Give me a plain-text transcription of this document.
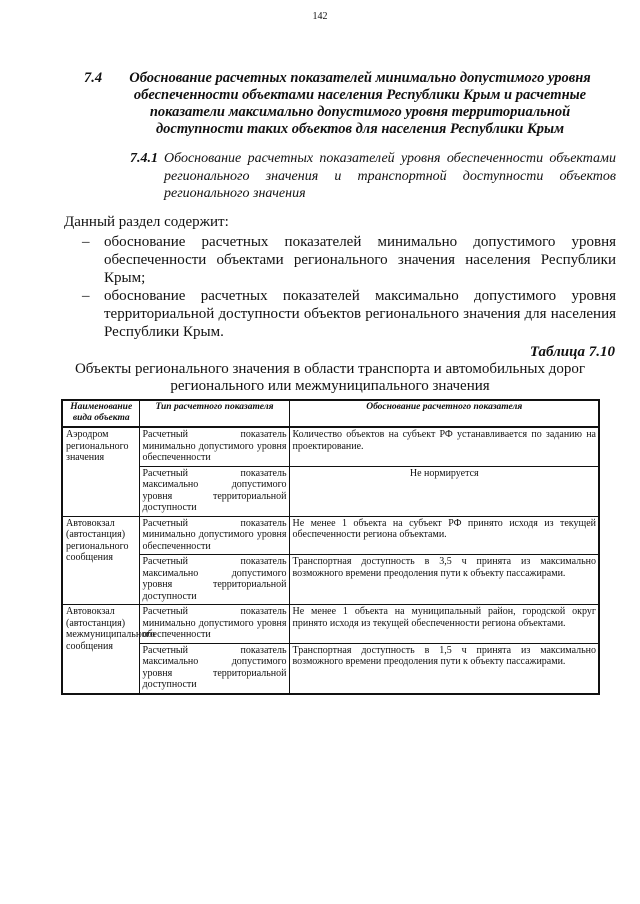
142
7.4	Обоснование расчетных показателей минимально допустимого уровня обеспеченности объектами населения Республики Крым и расчетные показатели максимально допустимого уровня территориальной доступности таких объектов для населения Республики Крым
7.4.1 Обоснование расчетных показателей уровня обеспеченности объектами регионального значения и транспортной доступности объектов регионального значения
Данный раздел содержит:
– обоснование расчетных показателей минимально допустимого уровня обеспеченности объектами регионального значения населения Республики Крым;
– обоснование расчетных показателей максимально допустимого уровня территориальной доступности объектов регионального значения для населения Республики Крым.
Таблица 7.10
Объекты регионального значения в области транспорта и автомобильных дорог регионального или межмуниципального значения
Наименование вида объекта	Тип расчетного показателя	Обоснование расчетного показателя
Аэродром регионального значения	Расчетный показатель минимально допустимого уровня обеспеченности	Количество объектов на субъект РФ устанавливается по заданию на проектирование.
	Расчетный показатель максимально допустимого уровня территориальной доступности	Не нормируется
Автовокзал (автостанция) регионального сообщения	Расчетный показатель минимально допустимого уровня обеспеченности	Не менее 1 объекта на субъект РФ принято исходя из текущей обеспеченности региона объектами.
	Расчетный показатель максимально допустимого уровня территориальной доступности	Транспортная доступность в 3,5 ч принята из максимально возможного времени преодоления пути к объекту пассажирами.
Автовокзал (автостанция) межмуниципального сообщения	Расчетный показатель минимально допустимого уровня обеспеченности	Не менее 1 объекта на муниципальный район, городской округ принято исходя из текущей обеспеченности региона объектами.
	Расчетный показатель максимально допустимого уровня территориальной доступности	Транспортная доступность в 1,5 ч принята из максимально возможного времени преодоления пути к объекту пассажирами.
